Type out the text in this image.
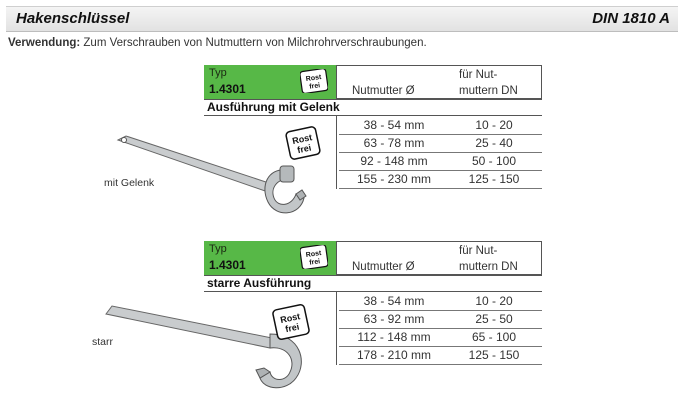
Hakenschlüssel	DIN 1810 A
Verwendung: Zum Verschrauben von Nutmuttern von Milchrohrverschraubungen.
Typ
1.4301
Rost
frei	Nutmutter Ø
für Nut-
muttern DN
Ausführung mit Gelenk
38 - 54 mm	10 - 20
63 - 78 mm	25 - 40
92 - 148 mm	50 - 100
155 - 230 mm	125 - 150
mit Gelenk
Rost
frei
Typ
1.4301
Rost
frei	Nutmutter Ø
für Nut-
muttern DN
starre Ausführung
38 - 54 mm	10 - 20
63 - 92 mm	25 - 50
112 - 148 mm	65 - 100
178 - 210 mm	125 - 150
starr
Rost
frei
